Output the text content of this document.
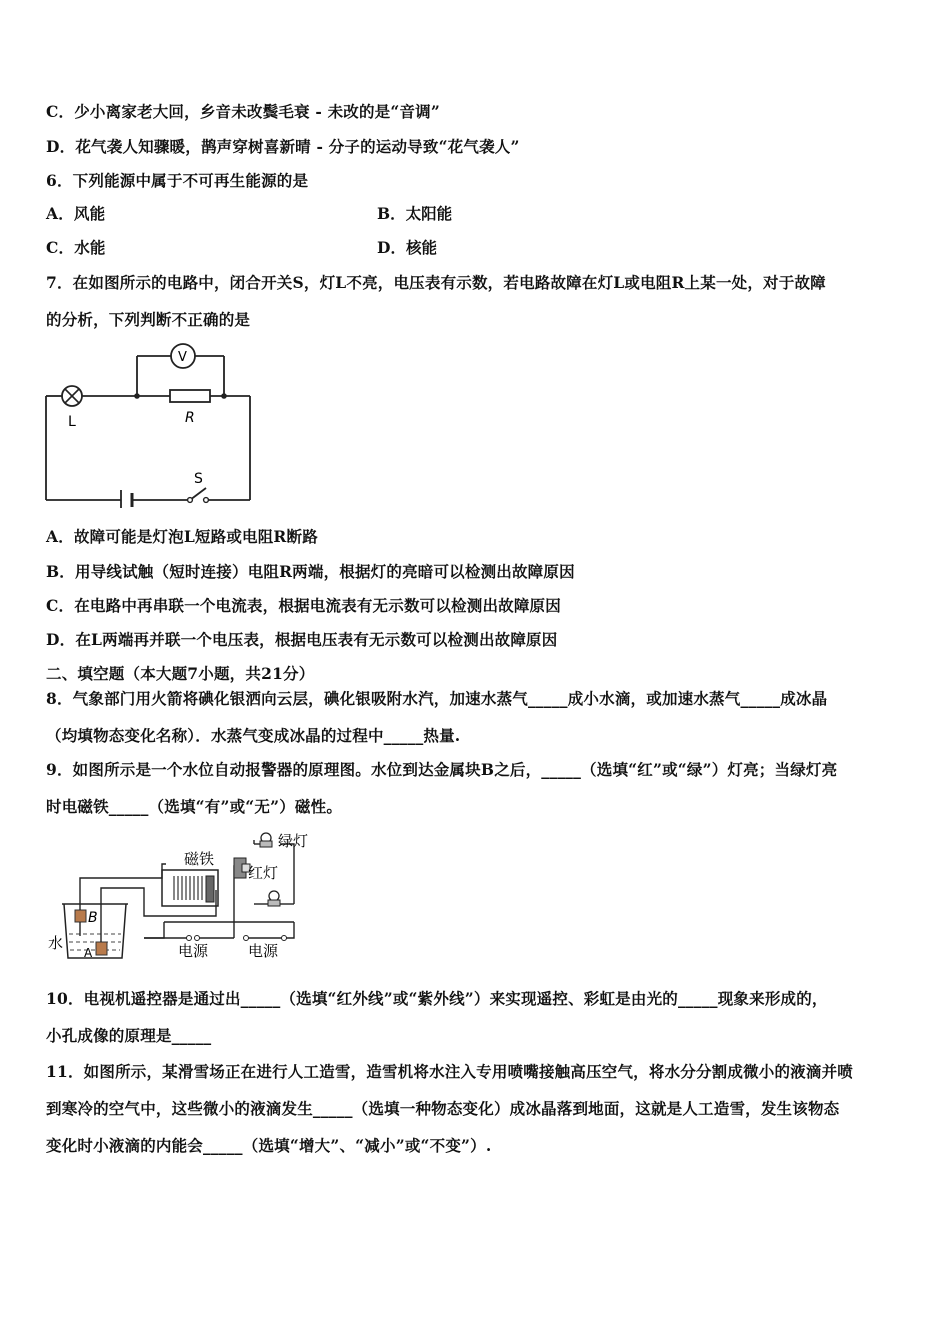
C．少小离家老大回，乡音未改鬓毛衰 - 未改的是“音调”
D．花气袭人知骤暖，鹊声穿树喜新晴 - 分子的运动导致“花气袭人”
6．下列能源中属于不可再生能源的是
A．风能	B．太阳能
C．水能	D．核能
7．在如图所示的电路中，闭合开关S，灯L不亮，电压表有示数，若电路故障在灯L或电阻R上某一处，对于故障
的分析，下列判断不正确的是
V
L	R
S
A．故障可能是灯泡L短路或电阻R断路
B．用导线试触（短时连接）电阻R两端，根据灯的亮暗可以检测出故障原因
C．在电路中再串联一个电流表，根据电流表有无示数可以检测出故障原因
D．在L两端再并联一个电压表，根据电压表有无示数可以检测出故障原因
二、填空题（本大题7小题，共21分）
8．气象部门用火箭将碘化银洒向云层，碘化银吸附水汽，加速水蒸气_____成小水滴，或加速水蒸气_____成冰晶
（均填物态变化名称）．水蒸气变成冰晶的过程中_____热量.
9．如图所示是一个水位自动报警器的原理图。水位到达金属块B之后，_____（选填“红”或“绿”）灯亮；当绿灯亮
时电磁铁_____（选填“有”或“无”）磁性。
B
A
水
磁铁
绿灯
红灯
电源	电源
10．电视机遥控器是通过出_____（选填“红外线”或“紫外线”）来实现遥控、彩虹是由光的_____现象来形成的，
小孔成像的原理是_____
11．如图所示，某滑雪场正在进行人工造雪，造雪机将水注入专用喷嘴接触高压空气，将水分分割成微小的液滴并喷
到寒冷的空气中，这些微小的液滴发生_____（选填一种物态变化）成冰晶落到地面，这就是人工造雪，发生该物态
变化时小液滴的内能会_____（选填“增大”、“减小”或“不变”）.
